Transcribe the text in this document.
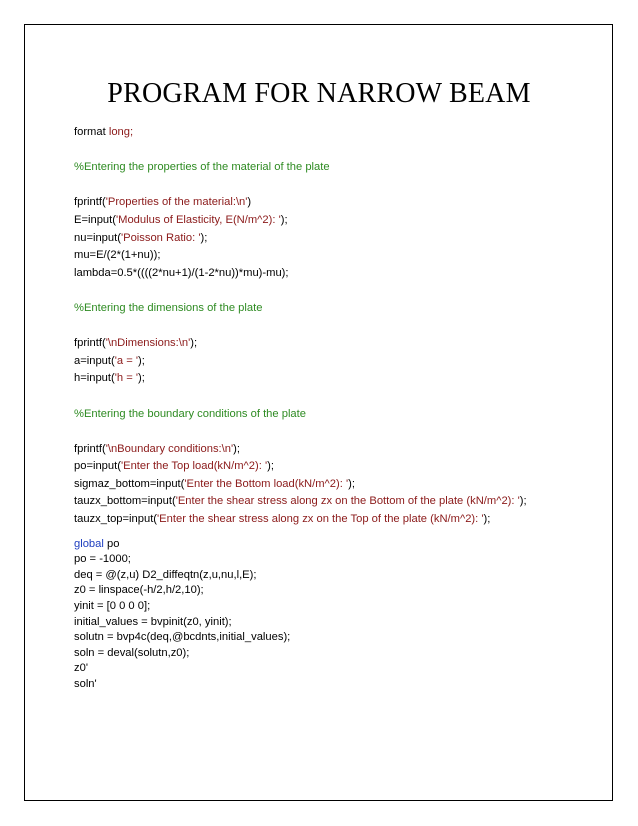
PROGRAM FOR NARROW BEAM
format long;
%Entering the properties of the material of the plate
fprintf('Properties of the material:\n')
E=input('Modulus of Elasticity, E(N/m^2): ');
nu=input('Poisson Ratio: ');
mu=E/(2*(1+nu));
lambda=0.5*((((2*nu+1)/(1-2*nu))*mu)-mu);
%Entering the dimensions of the plate
fprintf('\nDimensions:\n');
a=input('a = ');
h=input('h = ');
%Entering the boundary conditions of the plate
fprintf('\nBoundary conditions:\n');
po=input('Enter the Top load(kN/m^2): ');
sigmaz_bottom=input('Enter the Bottom load(kN/m^2): ');
tauzx_bottom=input('Enter the shear stress along zx on the Bottom of the plate (kN/m^2): ');
tauzx_top=input('Enter the shear stress along zx on the Top of the plate (kN/m^2): ');
global po
po = -1000;
deq = @(z,u) D2_diffeqtn(z,u,nu,l,E);
z0 = linspace(-h/2,h/2,10);
yinit = [0 0 0 0];
initial_values = bvpinit(z0, yinit);
solutn = bvp4c(deq,@bcdnts,initial_values);
soln = deval(solutn,z0);
z0'
soln'
